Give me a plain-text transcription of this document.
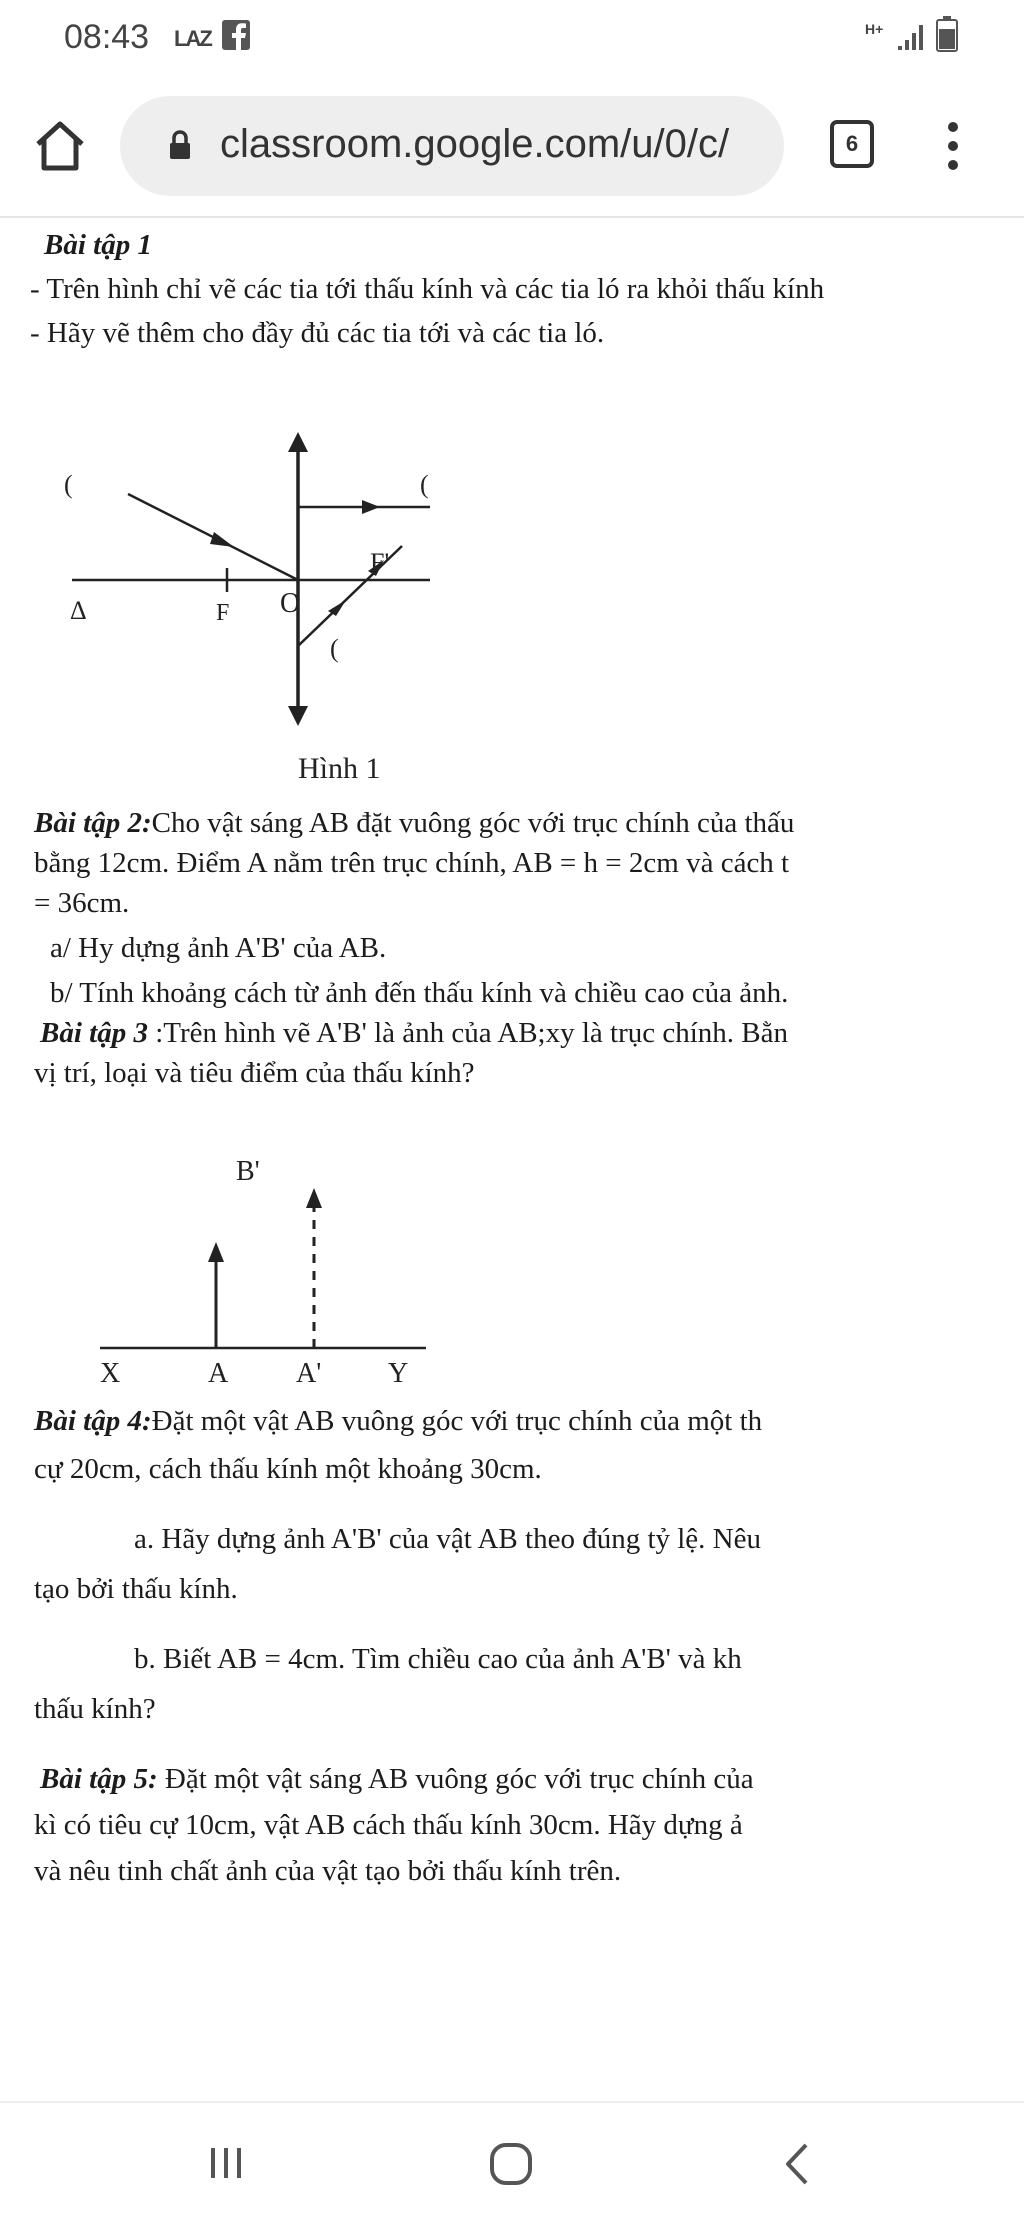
08:43 LAZ	H+
classroom.google.com/u/0/c/	6
Bài tập 1
- Trên hình chỉ vẽ các tia tới thấu kính và các tia ló ra khỏi thấu kính
- Hãy vẽ thêm cho đầy đủ các tia tới và các tia ló.
(	(
(
Δ	F O
F'
Hình 1
Bài tập 2:Cho vật sáng AB đặt vuông góc với trục chính của thấu
bằng 12cm. Điểm A nằm trên trục chính, AB = h = 2cm và cách t
= 36cm.
a/ Hy dựng ảnh A'B' của AB.
b/ Tính khoảng cách từ ảnh đến thấu kính và chiều cao của ảnh.
Bài tập 3 :Trên hình vẽ A'B' là ảnh của AB;xy là trục chính. Bằn
vị trí, loại và tiêu điểm của thấu kính?
B'
X	A A' Y
Bài tập 4:Đặt một vật AB vuông góc với trục chính của một th
cự 20cm, cách thấu kính một khoảng 30cm.
a. Hãy dựng ảnh A'B' của vật AB theo đúng tỷ lệ. Nêu
tạo bởi thấu kính.
b. Biết AB = 4cm. Tìm chiều cao của ảnh A'B' và kh
thấu kính?
Bài tập 5: Đặt một vật sáng AB vuông góc với trục chính của
kì có tiêu cự 10cm, vật AB cách thấu kính 30cm. Hãy dựng ả
và nêu tinh chất ảnh của vật tạo bởi thấu kính trên.
